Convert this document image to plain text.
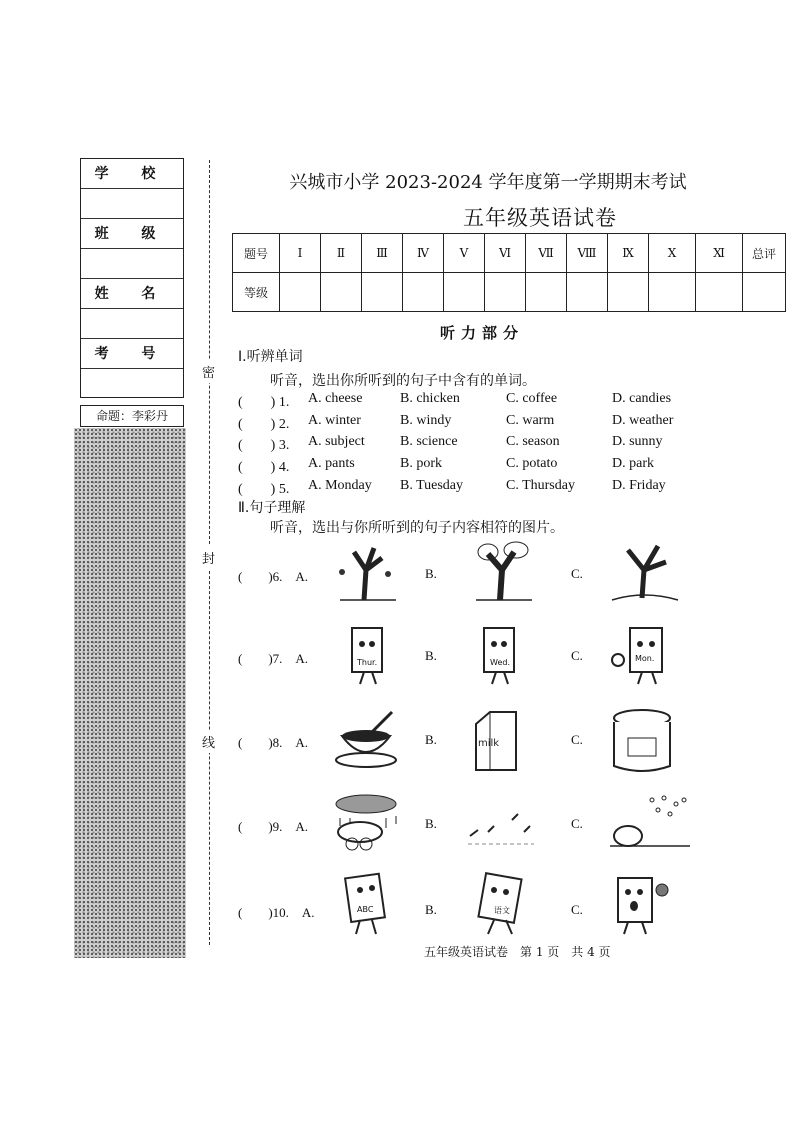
学 校
班 级
姓 名
考 号
命题：李彩丹
密
封
线
兴城市小学 2023-2024 学年度第一学期期末考试
五年级英语试卷
题号	Ⅰ	Ⅱ	Ⅲ	Ⅳ	Ⅴ	Ⅵ	Ⅶ	Ⅷ	Ⅸ	Ⅹ	Ⅺ	总评
等级												
听力部分
Ⅰ.听辨单词
听音，选出你所听到的句子中含有的单词。
Ⅱ.句子理解
听音，选出与你所听到的句子内容相符的图片。
(　　) 1. A. cheese	B. chicken	C. coffee	D. candies
(　　) 2. A. winter	B. windy	C. warm	D. weather
(　　) 3. A. subject	B. science	C. season	D. sunny
(　　) 4. A. pants	B. pork	C. potato	D. park
(　　) 5. A. Monday B. Tuesday	C. Thursday	D. Friday
(　　)6.　A.	B.	C.
(　　)7.　A.	Thur.	B.	Wed.	C.	Mon.
(　　)8.　A.	B.	milk	C.
(　　)9.　A.	B.	C.
(　　)10.　A.	ABC	B.	语文	C.
五年级英语试卷　第 1 页　共 4 页
